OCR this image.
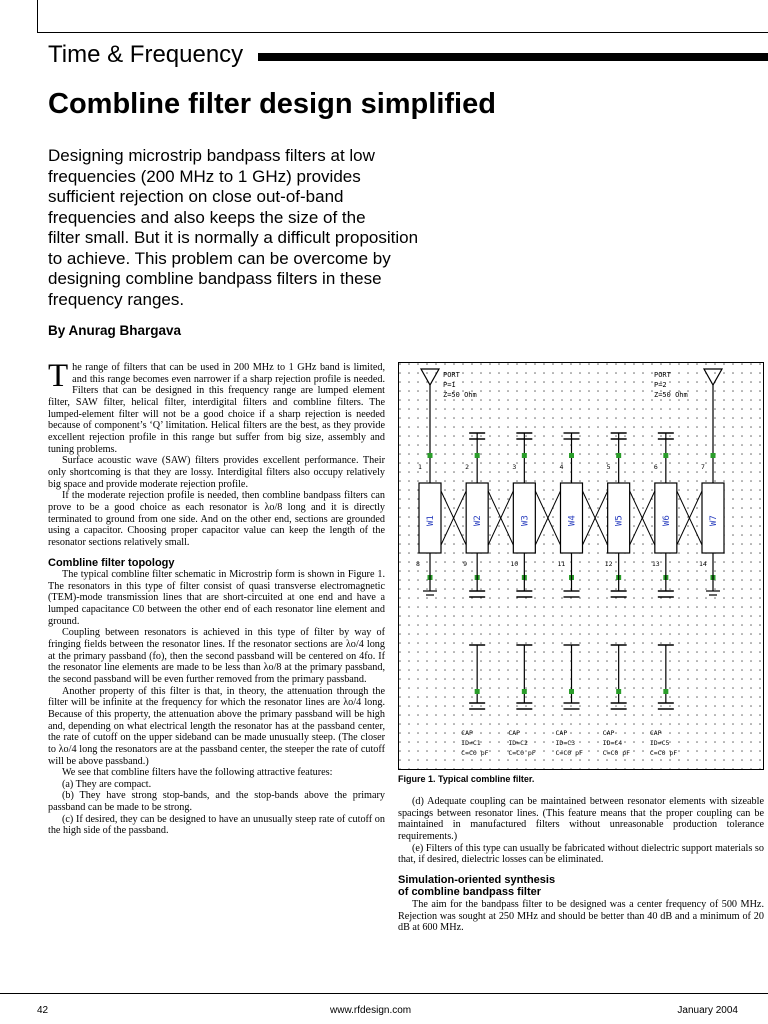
Time & Frequency
Combline filter design simplified
Designing microstrip bandpass filters at low
frequencies (200 MHz to 1 GHz) provides
sufficient rejection on close out-of-band
frequencies and also keeps the size of the
filter small. But it is normally a difficult proposition
to achieve. This problem can be overcome by
designing combline bandpass filters in these
frequency ranges.
By Anurag Bhargava

The range of filters that can be used in 200 MHz to 1 GHz band is limited, and this range becomes even narrower if a sharp rejection profile is needed. Filters that can be designed in this frequency range are lumped element filter, SAW filter, helical filter, interdigital filters and combline filters. The lumped-element filter will not be a good choice if a sharp rejection is needed because of component’s ‘Q’ limitation. Helical filters are the best, as they provide excellent rejection profile in this range but suffer from big size, assembly and tuning problems.

Surface acoustic wave (SAW) filters provides excellent performance. Their only shortcoming is that they are lossy. Interdigital filters also occupy relatively big space and provide moderate rejection profile.

If the moderate rejection profile is needed, then combline bandpass filters can prove to be a good choice as each resonator is λo/8 long and it is directly terminated to ground from one side. And on the other end, sections are grounded using a capacitor. Choosing proper capacitor value can keep the length of the resonator sections relatively small.

Combline filter topology

The typical combline filter schematic in Microstrip form is shown in Figure 1. The resonators in this type of filter consist of quasi transverse electromagnetic (TEM)-mode transmission lines that are short-circuited at one end and have a lumped capacitance C0 between the other end of each resonator line element and ground.

Coupling between resonators is achieved in this type of filter by way of fringing fields between the resonator lines. If the resonator sections are λo/4 long at the primary passband (fo), then the second passband will be centered on 4fo. If the resonator line elements are made to be less than λo/8 at the primary passband, the second passband will be even further removed from the primary passband.

Another property of this filter is that, in theory, the attenuation through the filter will be infinite at the frequency for which the resonator lines are λo/4 long. Because of this property, the attenuation above the primary passband will be high and, depending on what electrical length the resonator has at the passband center, the rate of cutoff on the upper sideband can be made unusually steep. (The closer to λo/4 long the resonators are at the passband center, the steeper the rate of cutoff will be above passband.)

We see that combline filters have the following attractive features:

(a) They are compact.

(b) They have strong stop-bands, and the stop-bands above the primary passband can be made to be strong.

(c) If desired, they can be designed to have an unusually steep rate of cutoff on the high side of the passband.

PORT
P=1
Z=50 Ohm
PORT
P=2
Z=50 Ohm
1
8
W1
2
9
W2
3
10
W3
4
11
W4
5
12
W5
6
13
W6
7
14
W7
CAP
ID=C1
C=C0 pF
CAP
ID=C2
C=C0 pF
CAP
ID=C3
C=C0 pF
CAP
ID=C4
C=C0 pF
CAP
ID=C5
C=C0 pF
Figure 1. Typical combline filter.

(d) Adequate coupling can be maintained between resonator elements with sizeable spacings between resonator lines. (This feature means that the proper coupling can be maintained in manufactured filters without unreasonable production tolerance requirements.)

(e) Filters of this type can usually be fabricated without dielectric support materials so that, if desired, dielectric losses can be eliminated.

Simulation-oriented synthesis
of combline bandpass filter

The aim for the bandpass filter to be designed was a center frequency of 500 MHz. Rejection was sought at 250 MHz and should be better than 40 dB and a minimum of 20 dB at 600 MHz.

42	www.rfdesign.com	January 2004
